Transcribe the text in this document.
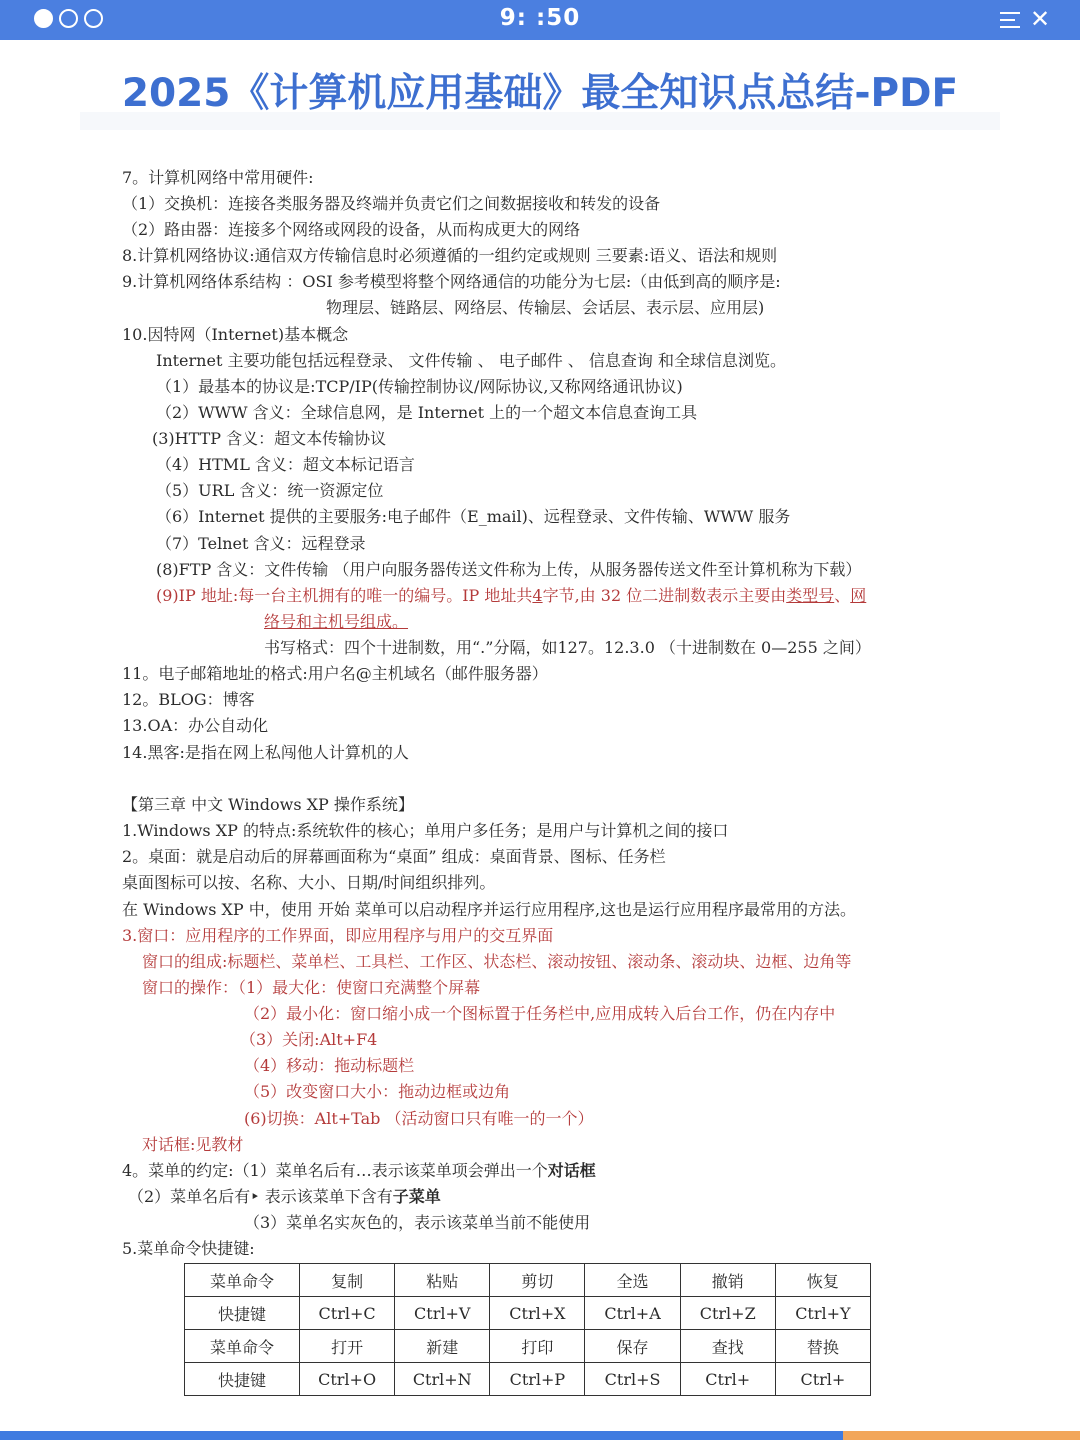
9: :50	✕
2025《计算机应用基础》最全知识点总结-PDF
7。计算机网络中常用硬件:
（1）交换机：连接各类服务器及终端并负责它们之间数据接收和转发的设备
（2）路由器：连接多个网络或网段的设备，从而构成更大的网络
8.计算机网络协议:通信双方传输信息时必须遵循的一组约定或规则 三要素:语义、语法和规则
9.计算机网络体系结构 ：OSI 参考模型将整个网络通信的功能分为七层:（由低到高的顺序是:
物理层、链路层、网络层、传输层、会话层、表示层、应用层)
10.因特网（Internet)基本概念
Internet 主要功能包括远程登录、 文件传输 、 电子邮件 、 信息查询 和全球信息浏览。
（1）最基本的协议是:TCP/IP(传输控制协议/网际协议,又称网络通讯协议)
（2）WWW 含义：全球信息网，是 Internet 上的一个超文本信息查询工具
(3)HTTP 含义：超文本传输协议
（4）HTML 含义：超文本标记语言
（5）URL 含义：统一资源定位
（6）Internet 提供的主要服务:电子邮件（E_mail)、远程登录、文件传输、WWW 服务
（7）Telnet 含义：远程登录
(8)FTP 含义：文件传输 （用户向服务器传送文件称为上传，从服务器传送文件至计算机称为下载）
(9)IP 地址:每一台主机拥有的唯一的编号。IP 地址共4字节,由 32 位二进制数表示主要由类型号、网
络号和主机号组成。
书写格式：四个十进制数，用“.”分隔，如127。12.3.0 （十进制数在 0—255 之间）
11。电子邮箱地址的格式:用户名@主机域名（邮件服务器）
12。BLOG：博客
13.OA：办公自动化
14.黑客:是指在网上私闯他人计算机的人
【第三章 中文 Windows XP 操作系统】
1.Windows XP 的特点:系统软件的核心；单用户多任务；是用户与计算机之间的接口
2。桌面：就是启动后的屏幕画面称为“桌面” 组成：桌面背景、图标、任务栏
桌面图标可以按、名称、大小、日期/时间组织排列。
在 Windows XP 中，使用 开始 菜单可以启动程序并运行应用程序,这也是运行应用程序最常用的方法。
3.窗口：应用程序的工作界面，即应用程序与用户的交互界面
窗口的组成:标题栏、菜单栏、工具栏、工作区、状态栏、滚动按钮、滚动条、滚动块、边框、边角等
窗口的操作：（1）最大化：使窗口充满整个屏幕
（2）最小化：窗口缩小成一个图标置于任务栏中,应用成转入后台工作，仍在内存中
（3）关闭:Alt+F4
（4）移动：拖动标题栏
（5）改变窗口大小：拖动边框或边角
(6)切换：Alt+Tab （活动窗口只有唯一的一个）
对话框:见教材
4。菜单的约定:（1）菜单名后有…表示该菜单项会弹出一个对话框
（2）菜单名后有‣ 表示该菜单下含有子菜单
（3）菜单名实灰色的，表示该菜单当前不能使用
5.菜单命令快捷键:
菜单命令	复制	粘贴	剪切	全选	撤销	恢复
快捷键	Ctrl+C	Ctrl+V	Ctrl+X	Ctrl+A	Ctrl+Z	Ctrl+Y
菜单命令	打开	新建	打印	保存	查找	替换
快捷键	Ctrl+O	Ctrl+N	Ctrl+P	Ctrl+S	Ctrl+	Ctrl+
